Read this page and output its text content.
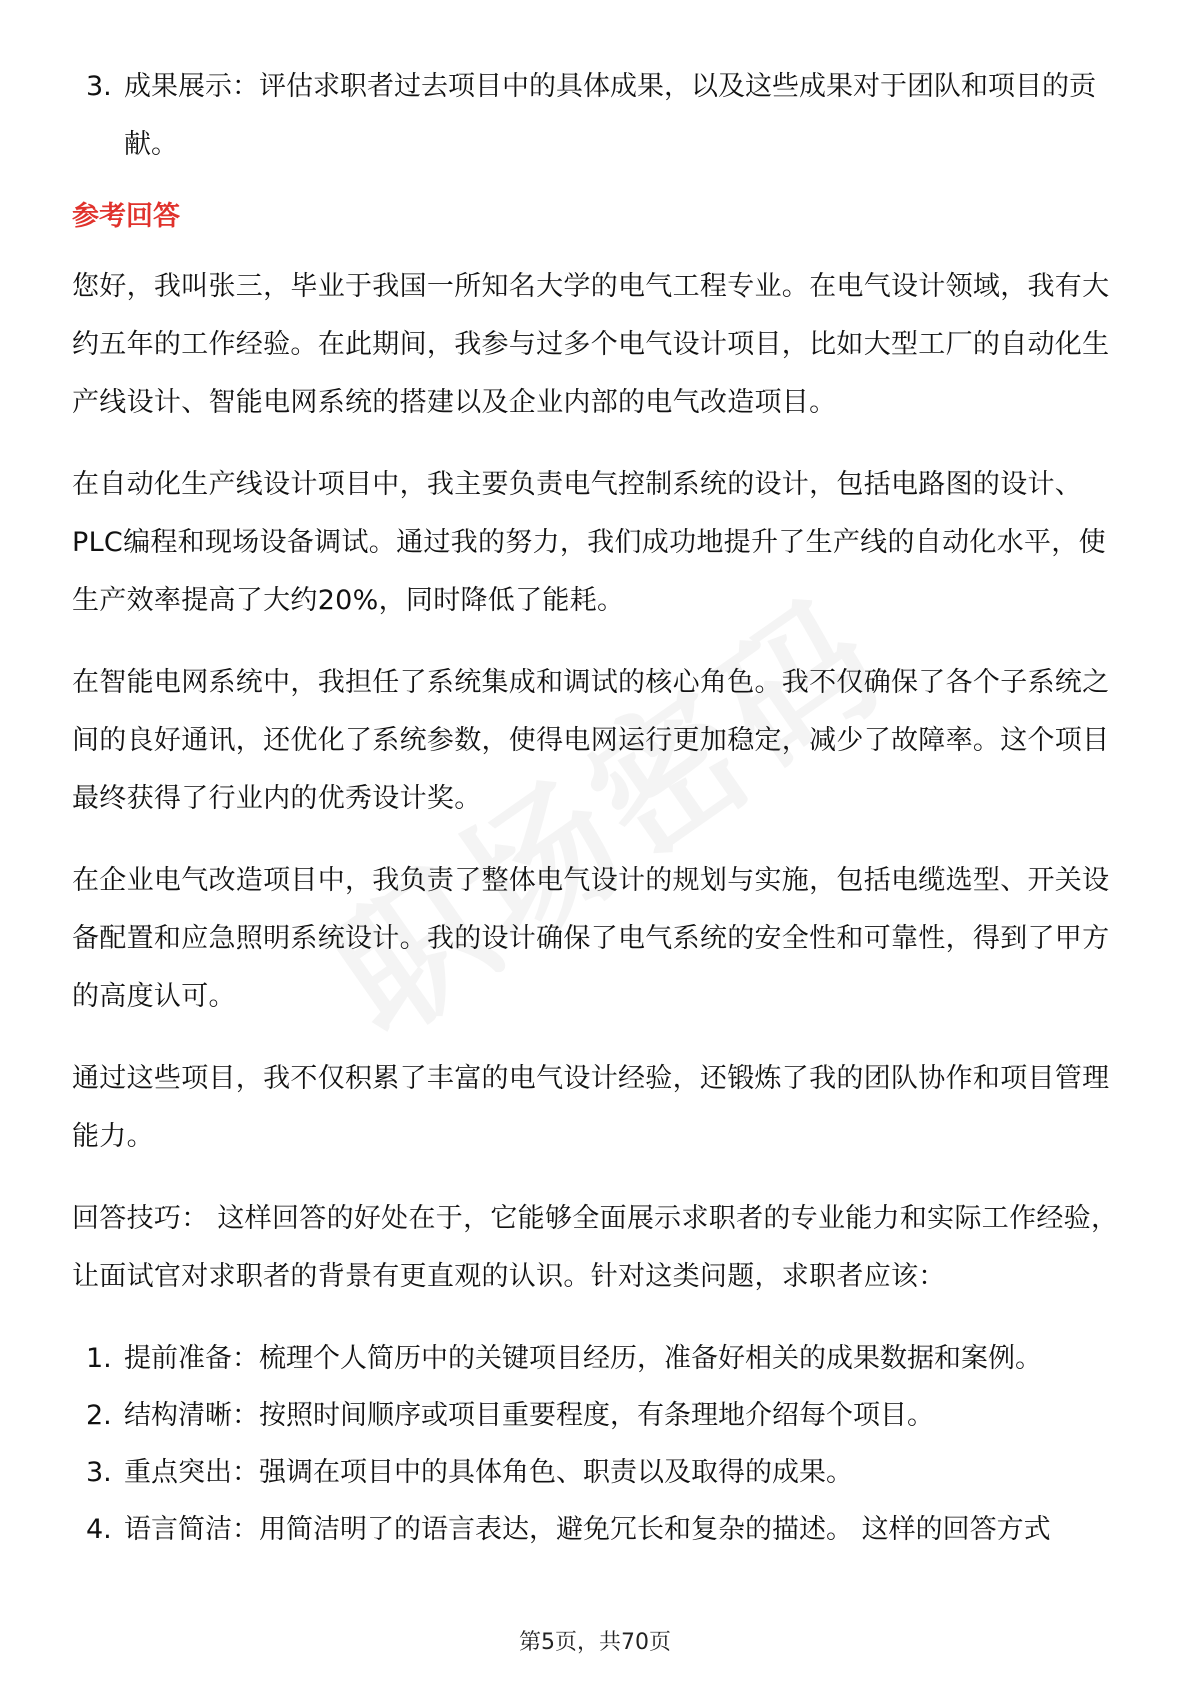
3. 成果展示：评估求职者过去项目中的具体成果，以及这些成果对于团队和项目的贡献。
参考回答

您好，我叫张三，毕业于我国一所知名大学的电气工程专业。在电气设计领域，我有大约五年的工作经验。在此期间，我参与过多个电气设计项目，比如大型工厂的自动化生产线设计、智能电网系统的搭建以及企业内部的电气改造项目。

在自动化生产线设计项目中，我主要负责电气控制系统的设计，包括电路图的设计、PLC编程和现场设备调试。通过我的努力，我们成功地提升了生产线的自动化水平，使生产效率提高了大约20%，同时降低了能耗。

在智能电网系统中，我担任了系统集成和调试的核心角色。我不仅确保了各个子系统之间的良好通讯，还优化了系统参数，使得电网运行更加稳定，减少了故障率。这个项目最终获得了行业内的优秀设计奖。

在企业电气改造项目中，我负责了整体电气设计的规划与实施，包括电缆选型、开关设备配置和应急照明系统设计。我的设计确保了电气系统的安全性和可靠性，得到了甲方的高度认可。

通过这些项目，我不仅积累了丰富的电气设计经验，还锻炼了我的团队协作和项目管理能力。

回答技巧： 这样回答的好处在于，它能够全面展示求职者的专业能力和实际工作经验，让面试官对求职者的背景有更直观的认识。针对这类问题，求职者应该：

1. 提前准备：梳理个人简历中的关键项目经历，准备好相关的成果数据和案例。
2. 结构清晰：按照时间顺序或项目重要程度，有条理地介绍每个项目。
3. 重点突出：强调在项目中的具体角色、职责以及取得的成果。
4. 语言简洁：用简洁明了的语言表达，避免冗长和复杂的描述。 这样的回答方式
第5页，共70页
